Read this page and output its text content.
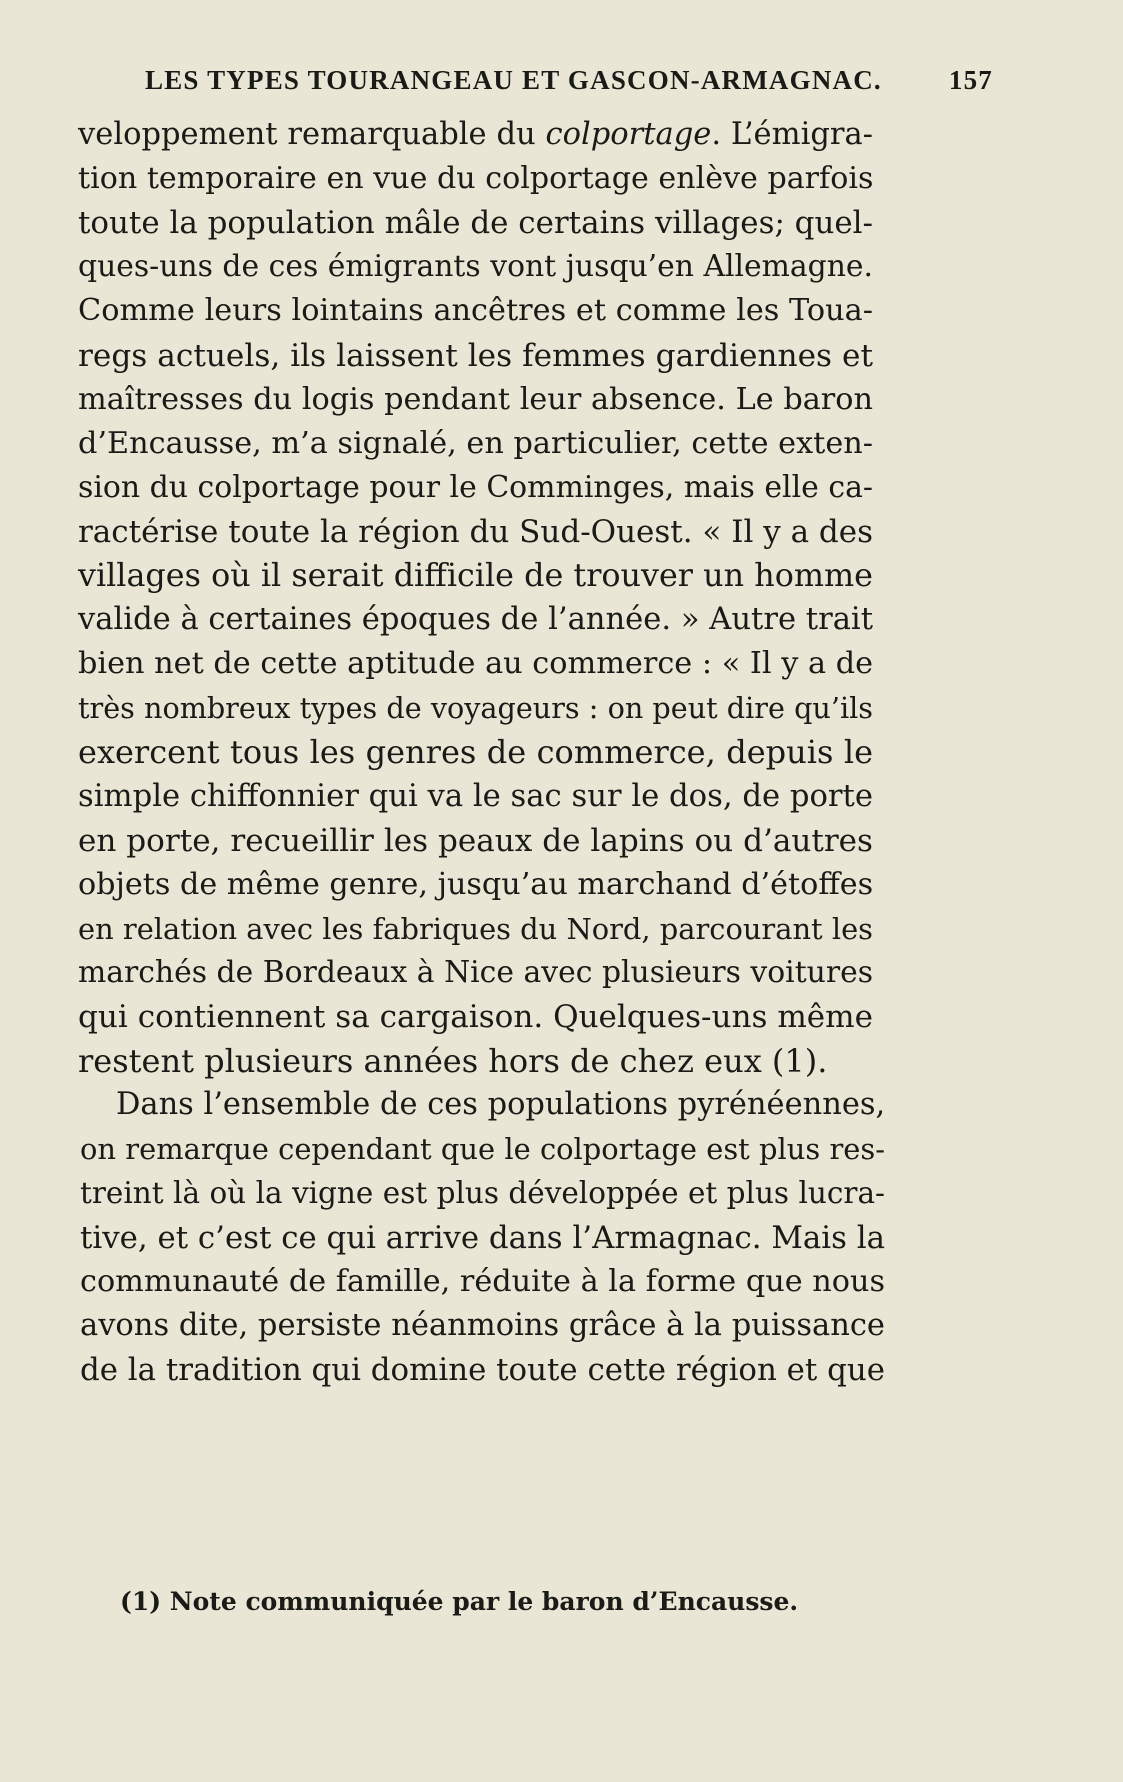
LES TYPES TOURANGEAU ET GASCON-ARMAGNAC. 157
veloppement remarquable du colportage. L’émigra-
tion temporaire en vue du colportage enlève parfois
toute la population mâle de certains villages; quel-
ques-uns de ces émigrants vont jusqu’en Allemagne.
Comme leurs lointains ancêtres et comme les Toua-
regs actuels, ils laissent les femmes gardiennes et
maîtresses du logis pendant leur absence. Le baron
d’Encausse, m’a signalé, en particulier, cette exten-
sion du colportage pour le Comminges, mais elle ca-
ractérise toute la région du Sud-Ouest. « Il y a des
villages où il serait difficile de trouver un homme
valide à certaines époques de l’année. » Autre trait
bien net de cette aptitude au commerce : « Il y a de
très nombreux types de voyageurs : on peut dire qu’ils
exercent tous les genres de commerce, depuis le
simple chiffonnier qui va le sac sur le dos, de porte
en porte, recueillir les peaux de lapins ou d’autres
objets de même genre, jusqu’au marchand d’étoffes
en relation avec les fabriques du Nord, parcourant les
marchés de Bordeaux à Nice avec plusieurs voitures
qui contiennent sa cargaison. Quelques-uns même
restent plusieurs années hors de chez eux (1).
Dans l’ensemble de ces populations pyrénéennes,
on remarque cependant que le colportage est plus res-
treint là où la vigne est plus développée et plus lucra-
tive, et c’est ce qui arrive dans l’Armagnac. Mais la
communauté de famille, réduite à la forme que nous
avons dite, persiste néanmoins grâce à la puissance
de la tradition qui domine toute cette région et que
(1) Note communiquée par le baron d’Encausse.
